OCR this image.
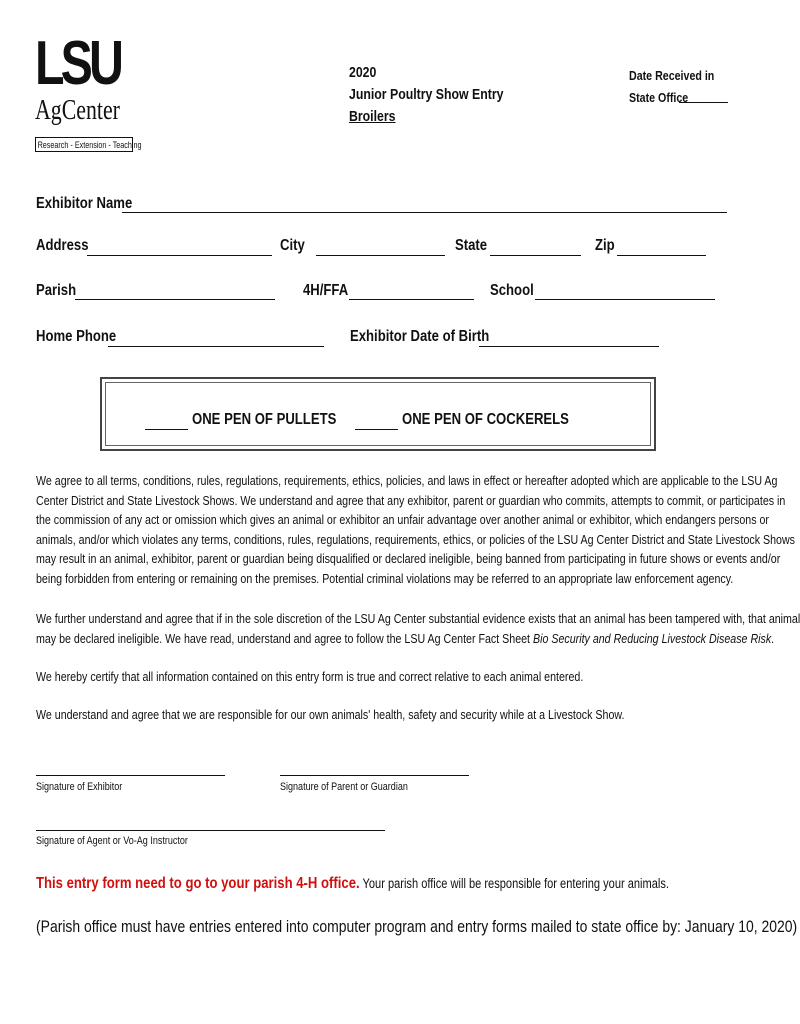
LSU
AgCenter
Research - Extension - Teaching
2020
Junior Poultry Show Entry
Broilers
Date Received in
State Office
Exhibitor Name
Address	City	State	Zip
Parish	4H/FFA	School
Home Phone	Exhibitor Date of Birth
ONE PEN OF PULLETS	ONE PEN OF COCKERELS
We agree to all terms, conditions, rules, regulations, requirements, ethics, policies, and laws in effect or hereafter adopted which are applicable to the LSU Ag
Center District and State Livestock Shows. We understand and agree that any exhibitor, parent or guardian who commits, attempts to commit, or participates in
the commission of any act or omission which gives an animal or exhibitor an unfair advantage over another animal or exhibitor, which endangers persons or
animals, and/or which violates any terms, conditions, rules, regulations, requirements, ethics, or policies of the LSU Ag Center District and State Livestock Shows
may result in an animal, exhibitor, parent or guardian being disqualified or declared ineligible, being banned from participating in future shows or events and/or
being forbidden from entering or remaining on the premises. Potential criminal violations may be referred to an appropriate law enforcement agency.
We further understand and agree that if in the sole discretion of the LSU Ag Center substantial evidence exists that an animal has been tampered with, that animal
may be declared ineligible. We have read, understand and agree to follow the LSU Ag Center Fact Sheet Bio Security and Reducing Livestock Disease Risk.
We hereby certify that all information contained on this entry form is true and correct relative to each animal entered.
We understand and agree that we are responsible for our own animals' health, safety and security while at a Livestock Show.
Signature of Exhibitor	Signature of Parent or Guardian
Signature of Agent or Vo-Ag Instructor
This entry form need to go to your parish 4-H office. Your parish office will be responsible for entering your animals.
(Parish office must have entries entered into computer program and entry forms mailed to state office by: January 10, 2020)
